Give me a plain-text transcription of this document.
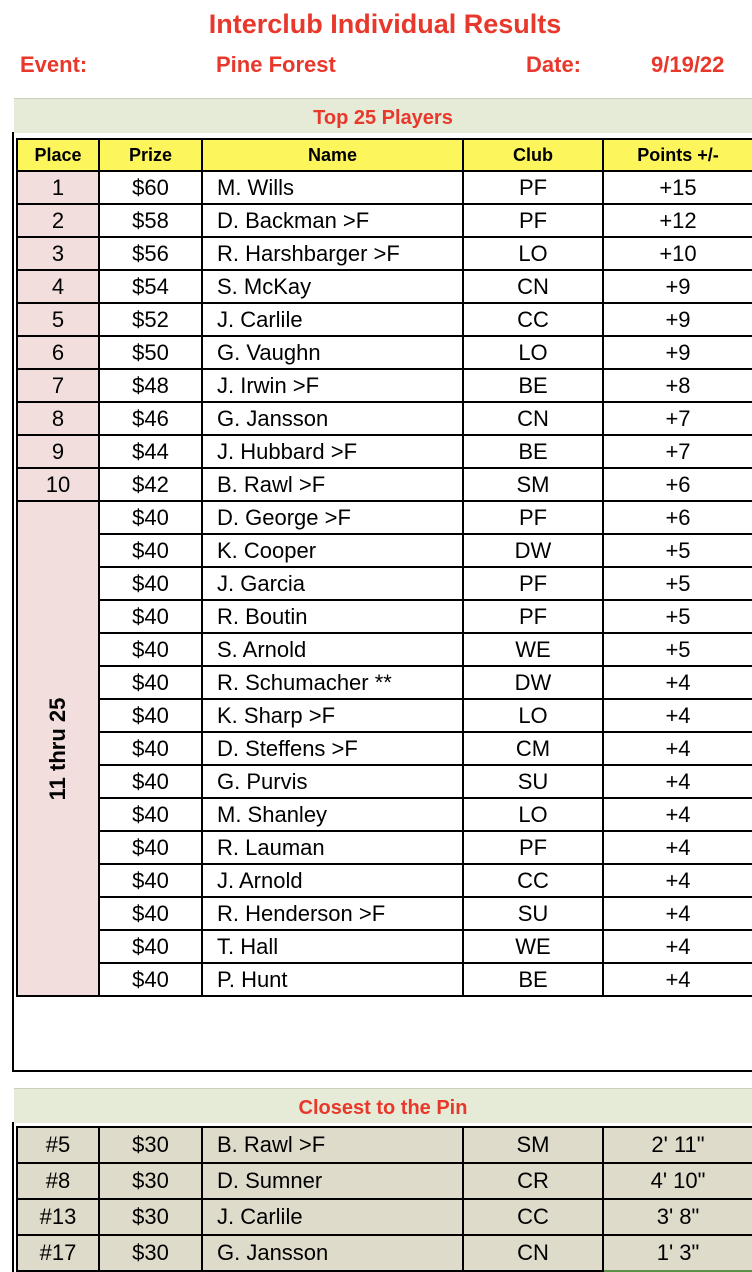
Interclub Individual Results
Event:	Pine Forest	Date:	9/19/22
Top 25 Players
Place	Prize	Name	Club	Points +/-
1	$60	M. Wills	PF	+15
2	$58	D. Backman >F	PF	+12
3	$56	R. Harshbarger >F	LO	+10
4	$54	S. McKay	CN	+9
5	$52	J. Carlile	CC	+9
6	$50	G. Vaughn	LO	+9
7	$48	J. Irwin >F	BE	+8
8	$46	G. Jansson	CN	+7
9	$44	J. Hubbard >F	BE	+7
10	$42	B. Rawl >F	SM	+6

11 thru 25	$40	D. George >F	PF	+6
	$40	K. Cooper	DW	+5
	$40	J. Garcia	PF	+5
	$40	R. Boutin	PF	+5
	$40	S. Arnold	WE	+5
	$40	R. Schumacher **	DW	+4
	$40	K. Sharp >F	LO	+4
	$40	D. Steffens >F	CM	+4
	$40	G. Purvis	SU	+4
	$40	M. Shanley	LO	+4
	$40	R. Lauman	PF	+4
	$40	J. Arnold	CC	+4
	$40	R. Henderson >F	SU	+4
	$40	T. Hall	WE	+4
	$40	P. Hunt	BE	+4
Closest to the Pin
#5	$30	B. Rawl >F	SM	2' 11"
#8	$30	D. Sumner	CR	4' 10"
#13	$30	J. Carlile	CC	3' 8"
#17	$30	G. Jansson	CN	1' 3"
